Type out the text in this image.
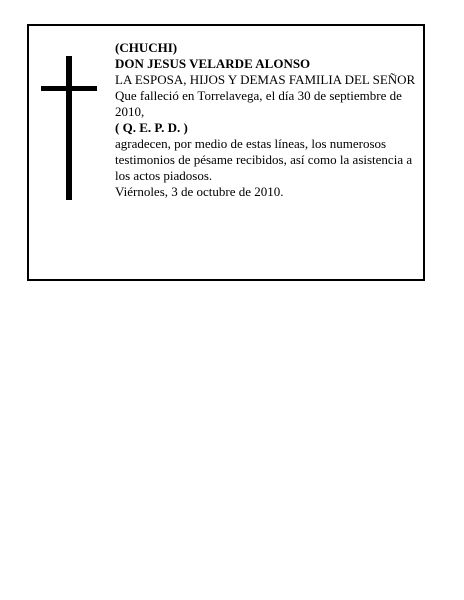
(CHUCHI)

DON JESUS VELARDE ALONSO

LA ESPOSA, HIJOS Y DEMAS FAMILIA DEL SEÑOR

Que falleció en Torrelavega, el día 30 de septiembre de 2010,

( Q. E. P. D. )

agradecen, por medio de estas líneas, los numerosos testimonios de pésame recibidos, así como la asistencia a los actos piadosos.

Viérnoles, 3 de octubre de 2010.
